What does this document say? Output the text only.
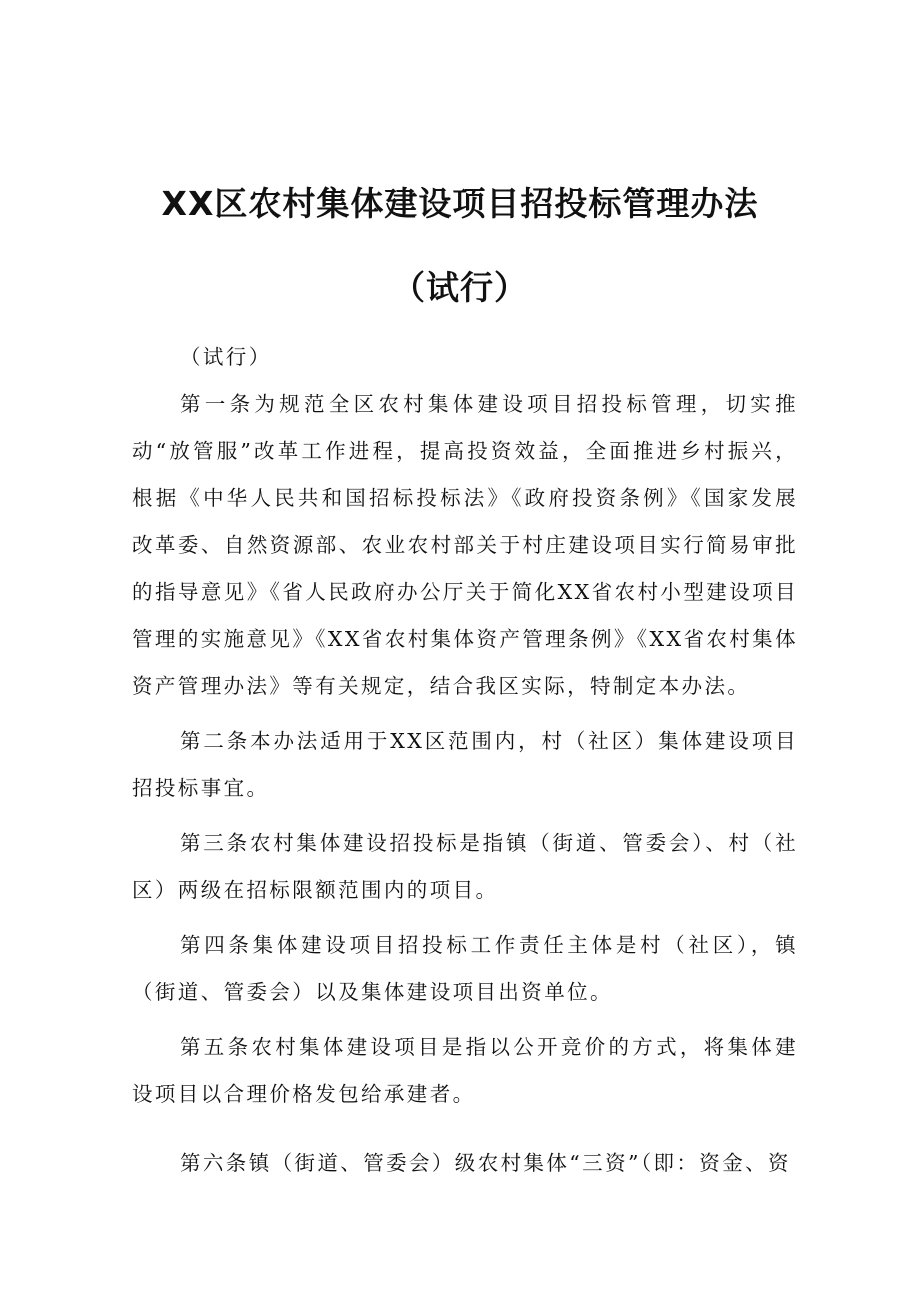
XX区农村集体建设项目招投标管理办法
（试行）

（试行）

第一条为规范全区农村集体建设项目招投标管理，切实推动“放管服”改革工作进程，提高投资效益，全面推进乡村振兴，根据《中华人民共和国招标投标法》《政府投资条例》《国家发展改革委、自然资源部、农业农村部关于村庄建设项目实行简易审批的指导意见》《省人民政府办公厅关于简化XX省农村小型建设项目管理的实施意见》《XX省农村集体资产管理条例》《XX省农村集体资产管理办法》等有关规定，结合我区实际，特制定本办法。

第二条本办法适用于XX区范围内，村（社区）集体建设项目招投标事宜。

第三条农村集体建设招投标是指镇（街道、管委会）、村（社区）两级在招标限额范围内的项目。

第四条集体建设项目招投标工作责任主体是村（社区），镇（街道、管委会）以及集体建设项目出资单位。

第五条农村集体建设项目是指以公开竞价的方式，将集体建设项目以合理价格发包给承建者。

第六条镇（街道、管委会）级农村集体“三资”（即：资金、资
